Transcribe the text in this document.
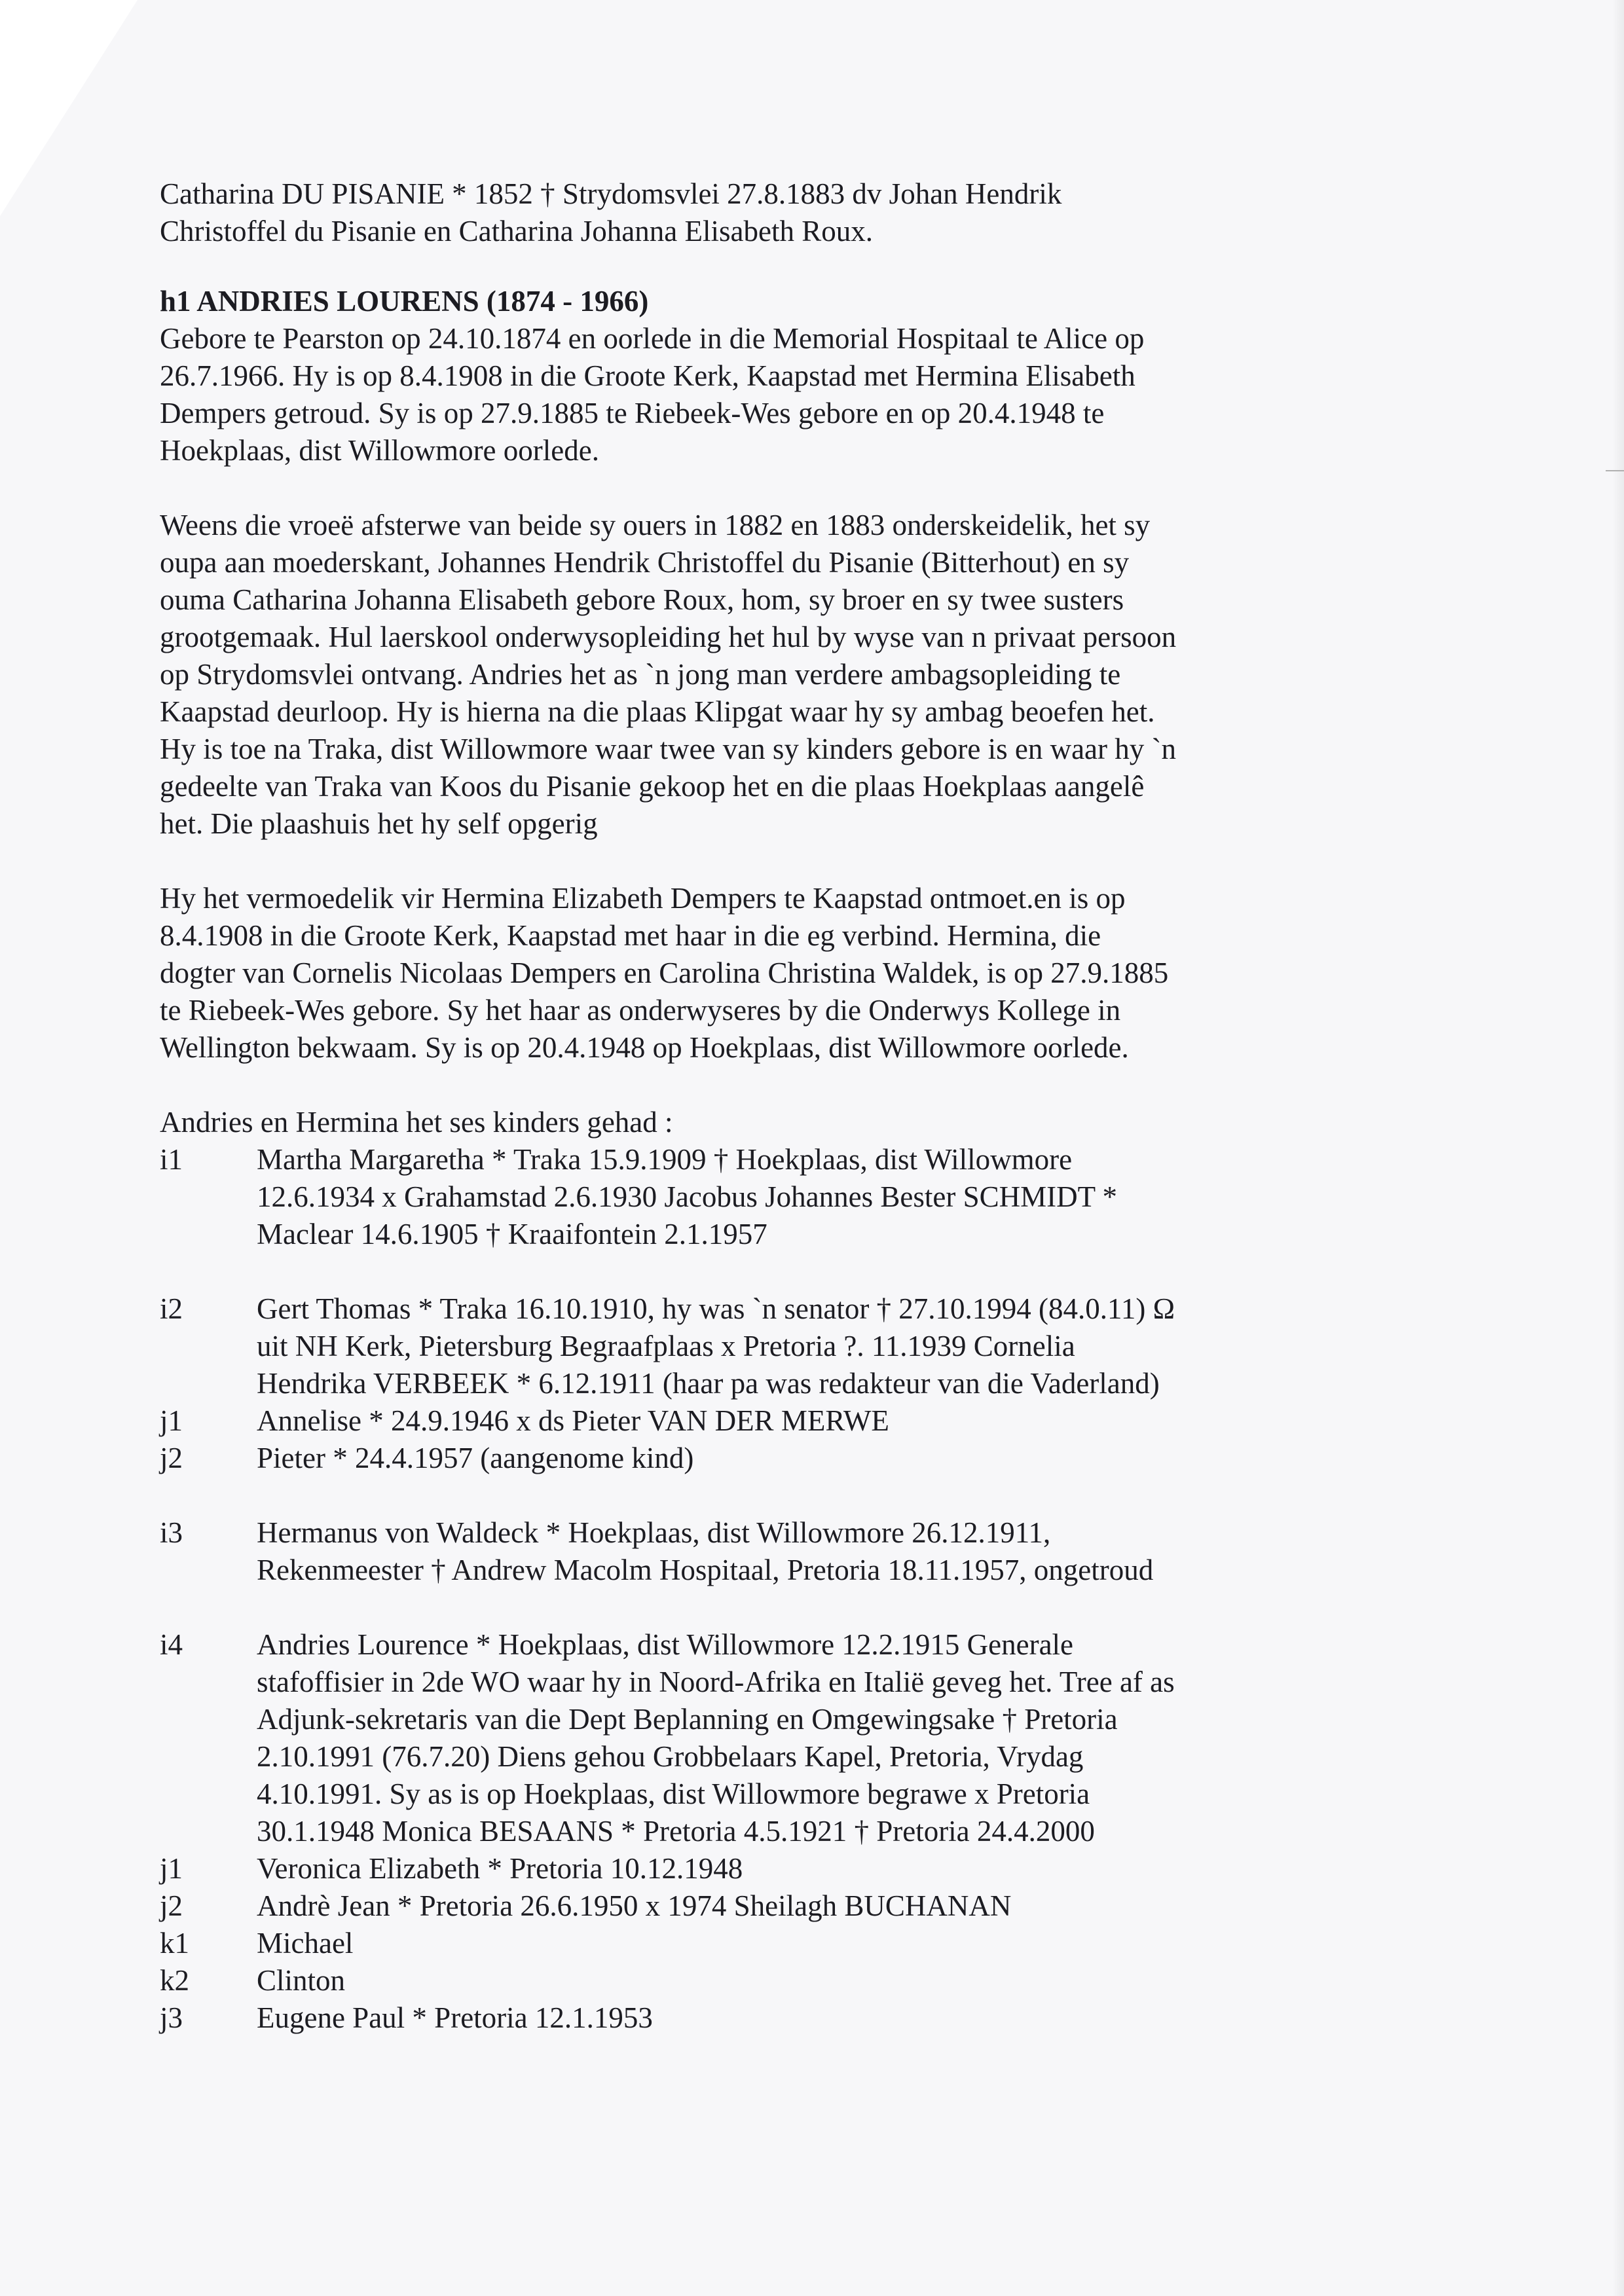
Catharina DU PISANIE * 1852 † Strydomsvlei 27.8.1883 dv Johan Hendrik

Christoffel du Pisanie en Catharina Johanna Elisabeth Roux.

h1 ANDRIES LOURENS (1874 - 1966)

Gebore te Pearston op 24.10.1874 en oorlede in die Memorial Hospitaal te Alice op

26.7.1966. Hy is op 8.4.1908 in die Groote Kerk, Kaapstad met Hermina Elisabeth

Dempers getroud. Sy is op 27.9.1885 te Riebeek-Wes gebore en op 20.4.1948 te

Hoekplaas, dist Willowmore oorlede.

Weens die vroeë afsterwe van beide sy ouers in 1882 en 1883 onderskeidelik, het sy

oupa aan moederskant, Johannes Hendrik Christoffel du Pisanie (Bitterhout) en sy

ouma Catharina Johanna Elisabeth gebore Roux, hom, sy broer en sy twee susters

grootgemaak. Hul laerskool onderwysopleiding het hul by wyse van n privaat persoon

op Strydomsvlei ontvang. Andries het as `n jong man verdere ambagsopleiding te

Kaapstad deurloop. Hy is hierna na die plaas Klipgat waar hy sy ambag beoefen het.

Hy is toe na Traka, dist Willowmore waar twee van sy kinders gebore is en waar hy `n

gedeelte van Traka van Koos du Pisanie gekoop het en die plaas Hoekplaas aangelê

het. Die plaashuis het hy self opgerig

Hy het vermoedelik vir Hermina Elizabeth Dempers te Kaapstad ontmoet.en is op

8.4.1908 in die Groote Kerk, Kaapstad met haar in die eg verbind. Hermina, die

dogter van Cornelis Nicolaas Dempers en Carolina Christina Waldek, is op 27.9.1885

te Riebeek-Wes gebore. Sy het haar as onderwyseres by die Onderwys Kollege in

Wellington bekwaam. Sy is op 20.4.1948 op Hoekplaas, dist Willowmore oorlede.

Andries en Hermina het ses kinders gehad :

i1	Martha Margaretha * Traka 15.9.1909 † Hoekplaas, dist Willowmore

12.6.1934 x Grahamstad 2.6.1930 Jacobus Johannes Bester SCHMIDT *

Maclear 14.6.1905 † Kraaifontein 2.1.1957

i2	Gert Thomas * Traka 16.10.1910, hy was `n senator † 27.10.1994 (84.0.11) Ω

uit NH Kerk, Pietersburg Begraafplaas x Pretoria ?. 11.1939 Cornelia

Hendrika VERBEEK * 6.12.1911 (haar pa was redakteur van die Vaderland)

j1	Annelise * 24.9.1946 x ds Pieter VAN DER MERWE
j2	Pieter * 24.4.1957 (aangenome kind)
i3	Hermanus von Waldeck * Hoekplaas, dist Willowmore 26.12.1911,

Rekenmeester † Andrew Macolm Hospitaal, Pretoria 18.11.1957, ongetroud

i4	Andries Lourence * Hoekplaas, dist Willowmore 12.2.1915 Generale

stafoffisier in 2de WO waar hy in Noord-Afrika en Italië geveg het. Tree af as

Adjunk-sekretaris van die Dept Beplanning en Omgewingsake † Pretoria

2.10.1991 (76.7.20) Diens gehou Grobbelaars Kapel, Pretoria, Vrydag

4.10.1991. Sy as is op Hoekplaas, dist Willowmore begrawe x Pretoria

30.1.1948 Monica BESAANS * Pretoria 4.5.1921 † Pretoria 24.4.2000

j1	Veronica Elizabeth * Pretoria 10.12.1948
j2	Andrè Jean * Pretoria 26.6.1950 x 1974 Sheilagh BUCHANAN
k1	Michael
k2	Clinton
j3	Eugene Paul * Pretoria 12.1.1953
